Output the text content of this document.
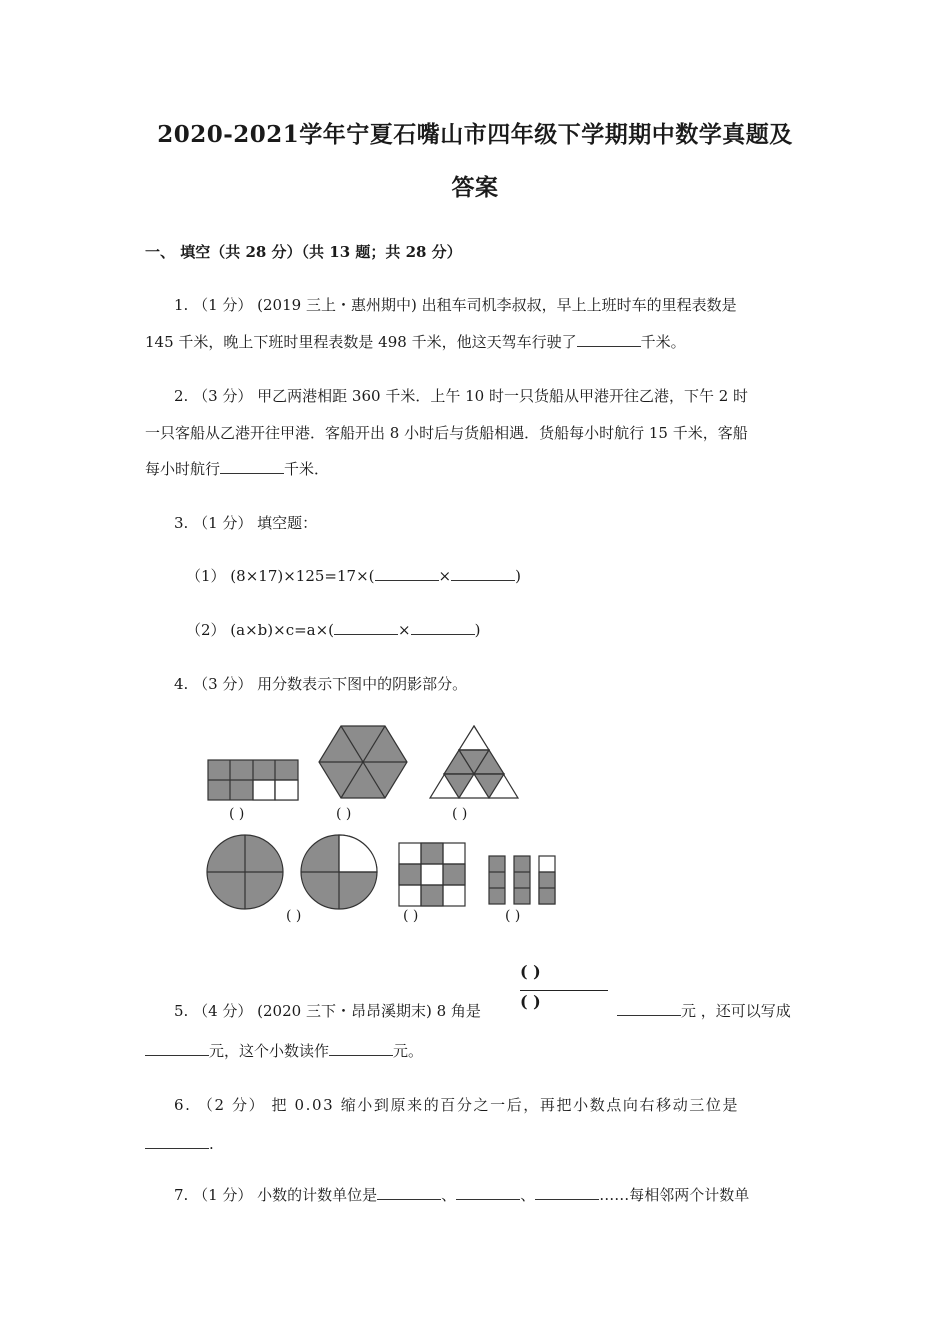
2020-2021学年宁夏石嘴山市四年级下学期期中数学真题及
答案
一、 填空（共 28 分）（共 13 题；共 28 分）
1. （1 分） (2019 三上・惠州期中) 出租车司机李叔叔，早上上班时车的里程表数是
145 千米，晚上下班时里程表数是 498 千米，他这天驾车行驶了	千米。
2. （3 分） 甲乙两港相距 360 千米．上午 10 时一只货船从甲港开往乙港，下午 2 时
一只客船从乙港开往甲港．客船开出 8 小时后与货船相遇．货船每小时航行 15 千米，客船
每小时航行	千米．
3. （1 分） 填空题：
（1） (8×17)×125=17×(	×	)
（2） (a×b)×c=a×(	×	)
4. （3 分） 用分数表示下图中的阴影部分。
( )	( )	( )
( )	( )	( )
5. （4 分） (2020 三下・昂昂溪期末) 8 角是
( )
( )	元 ，还可以写成
元，这个小数读作	元。
6. （2 分） 把 0.03 缩小到原来的百分之一后，再把小数点向右移动三位是
.
7. （1 分） 小数的计数单位是	、	、	……每相邻两个计数单
